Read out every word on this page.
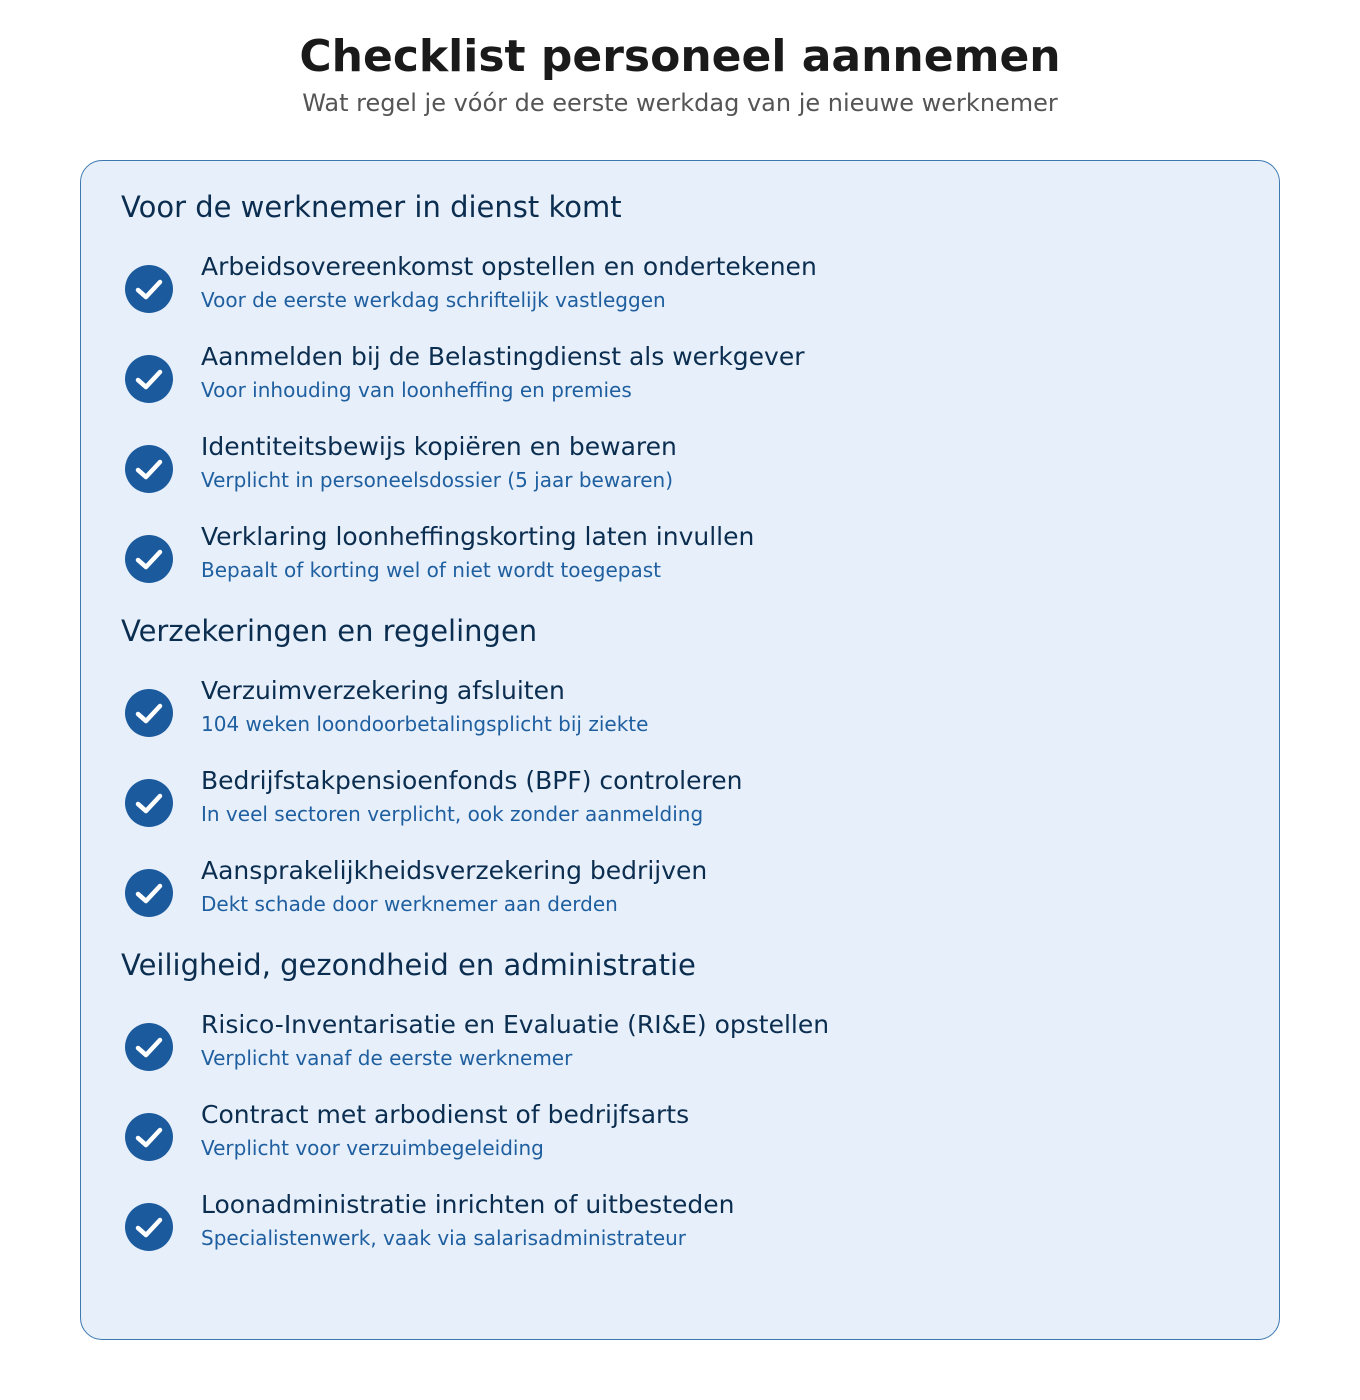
Checklist personeel aannemen

Wat regel je vóór de eerste werkdag van je nieuwe werknemer

Voor de werknemer in dienst komt
Arbeidsovereenkomst opstellen en ondertekenen
Voor de eerste werkdag schriftelijk vastleggen
Aanmelden bij de Belastingdienst als werkgever
Voor inhouding van loonheffing en premies
Identiteitsbewijs kopiëren en bewaren
Verplicht in personeelsdossier (5 jaar bewaren)
Verklaring loonheffingskorting laten invullen
Bepaalt of korting wel of niet wordt toegepast
Verzekeringen en regelingen
Verzuimverzekering afsluiten
104 weken loondoorbetalingsplicht bij ziekte
Bedrijfstakpensioenfonds (BPF) controleren
In veel sectoren verplicht, ook zonder aanmelding
Aansprakelijkheidsverzekering bedrijven
Dekt schade door werknemer aan derden
Veiligheid, gezondheid en administratie
Risico-Inventarisatie en Evaluatie (RI&E) opstellen
Verplicht vanaf de eerste werknemer
Contract met arbodienst of bedrijfsarts
Verplicht voor verzuimbegeleiding
Loonadministratie inrichten of uitbesteden
Specialistenwerk, vaak via salarisadministrateur
